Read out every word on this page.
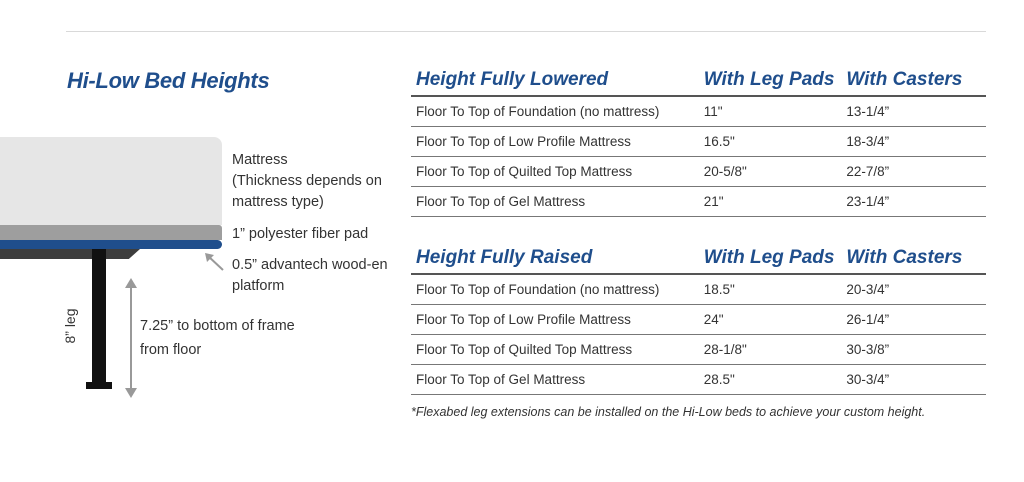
Hi-Low Bed Heights
8” leg
Mattress
(Thickness depends on mattress type)
1” polyester fiber pad
0.5” advantech wood-en platform
7.25” to bottom of frame from floor
Height Fully Lowered	With Leg Pads	With Casters
Floor To Top of Foundation (no mattress)	11"	13-1/4”
Floor To Top of Low Profile Mattress	16.5"	18-3/4”
Floor To Top of Quilted Top Mattress	20-5/8"	22-7/8”
Floor To Top of Gel Mattress	21"	23-1/4”
Height Fully Raised	With Leg Pads	With Casters
Floor To Top of Foundation (no mattress)	18.5"	20-3/4”
Floor To Top of Low Profile Mattress	24"	26-1/4”
Floor To Top of Quilted Top Mattress	28-1/8"	30-3/8”
Floor To Top of Gel Mattress	28.5"	30-3/4”
*Flexabed leg extensions can be installed on the Hi-Low beds to achieve your custom height.
